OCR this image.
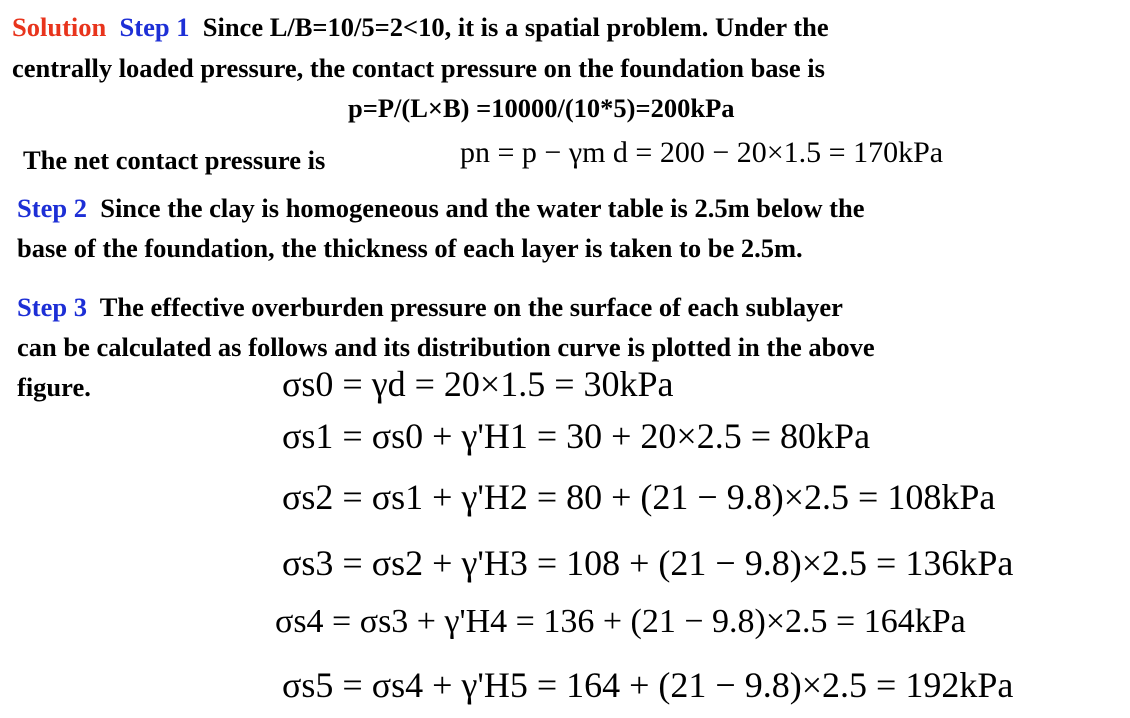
Solution Step 1 Since L/B=10/5=2<10, it is a spatial problem. Under the
centrally loaded pressure, the contact pressure on the foundation base is
p=P/(L×B) =10000/(10*5)=200kPa
The net contact pressure is	pn = p − γm d = 200 − 20×1.5 = 170kPa
Step 2 Since the clay is homogeneous and the water table is 2.5m below the
base of the foundation, the thickness of each layer is taken to be 2.5m.
Step 3 The effective overburden pressure on the surface of each sublayer
can be calculated as follows and its distribution curve is plotted in the above
figure.	σs0 = γd = 20×1.5 = 30kPa
σs1 = σs0 + γ'H1 = 30 + 20×2.5 = 80kPa
σs2 = σs1 + γ'H2 = 80 + (21 − 9.8)×2.5 = 108kPa
σs3 = σs2 + γ'H3 = 108 + (21 − 9.8)×2.5 = 136kPa
σs4 = σs3 + γ'H4 = 136 + (21 − 9.8)×2.5 = 164kPa
σs5 = σs4 + γ'H5 = 164 + (21 − 9.8)×2.5 = 192kPa
